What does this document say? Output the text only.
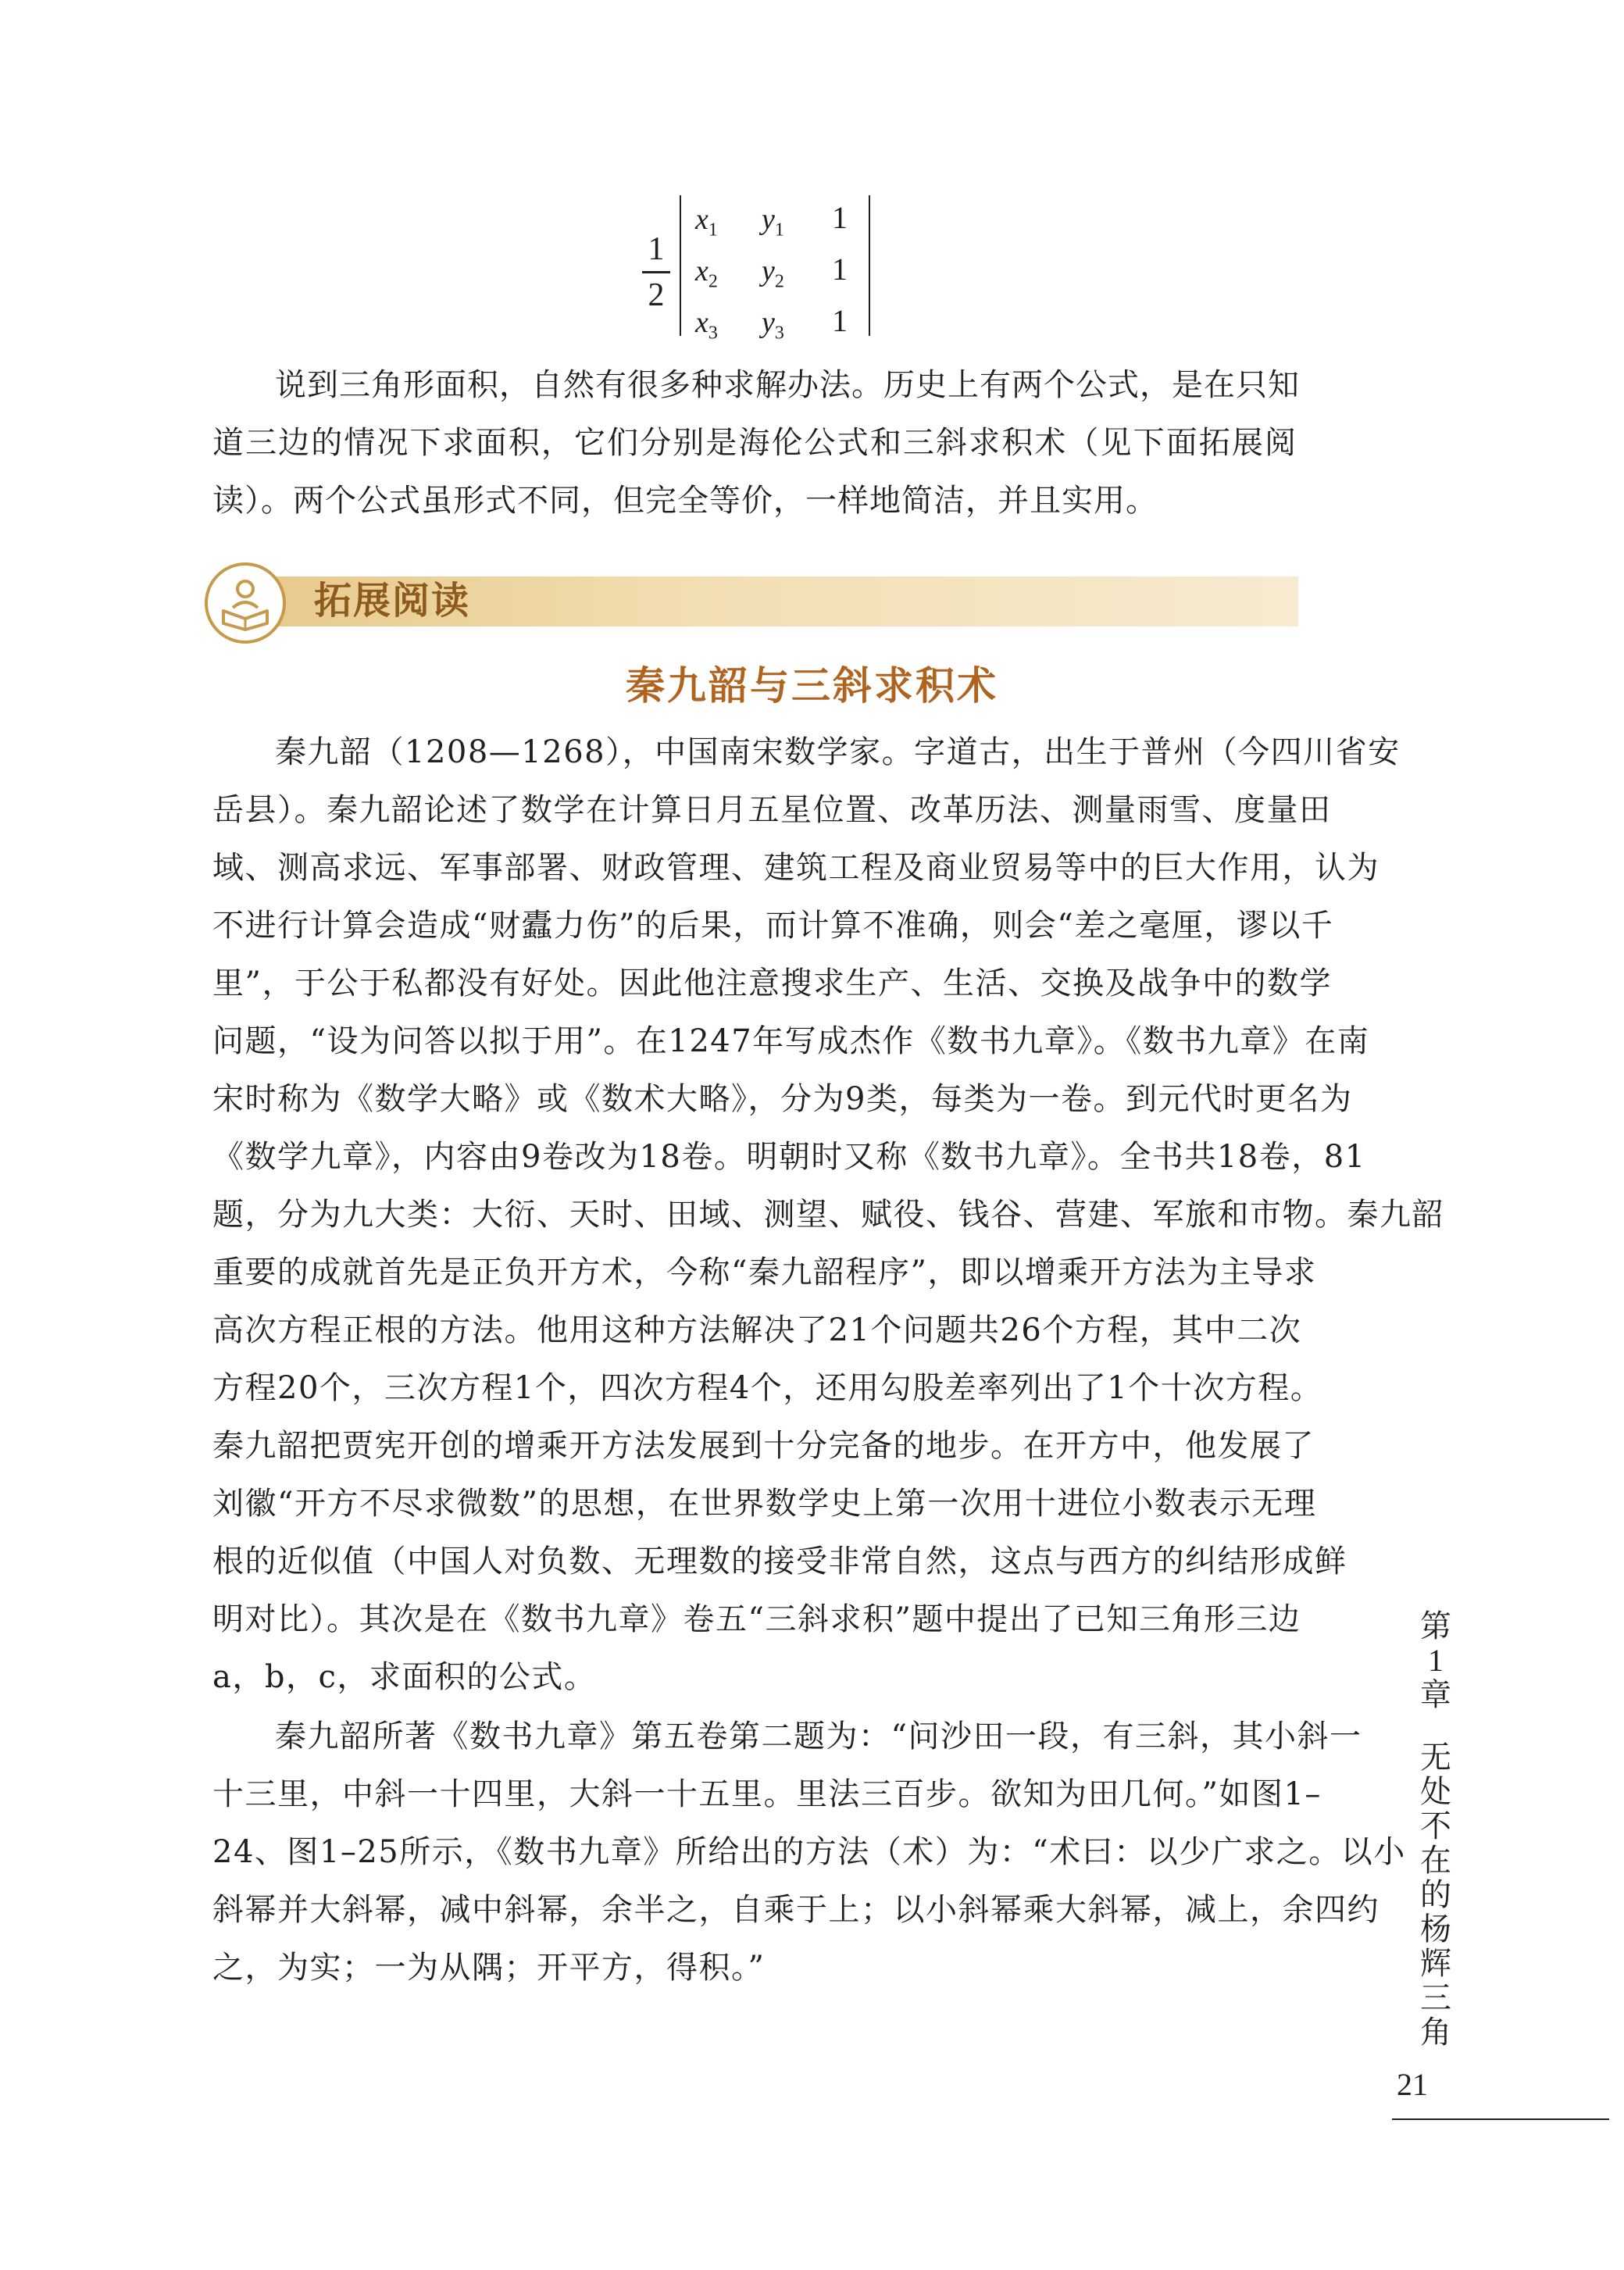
1
2
$x_1$ $y_1$ 1
$x_2$ $y_2$ 1
$x_3$ $y_3$ 1
说到三角形面积，自然有很多种求解办法。历史上有两个公式，是在只知
道三边的情况下求面积，它们分别是海伦公式和三斜求积术（见下面拓展阅
读）。两个公式虽形式不同，但完全等价，一样地简洁，并且实用。
拓展阅读
秦九韶与三斜求积术
秦九韶（1208—1268），中国南宋数学家。字道古，出生于普州（今四川省安
岳县）。秦九韶论述了数学在计算日月五星位置、改革历法、测量雨雪、度量田
域、测高求远、军事部署、财政管理、建筑工程及商业贸易等中的巨大作用，认为
不进行计算会造成“财蠹力伤”的后果，而计算不准确，则会“差之毫厘，谬以千
里”，于公于私都没有好处。因此他注意搜求生产、生活、交换及战争中的数学
问题，“设为问答以拟于用”。在1247年写成杰作《数书九章》。《数书九章》在南
宋时称为《数学大略》或《数术大略》，分为9类，每类为一卷。到元代时更名为
《数学九章》，内容由9卷改为18卷。明朝时又称《数书九章》。全书共18卷，81
题，分为九大类：大衍、天时、田域、测望、赋役、钱谷、营建、军旅和市物。秦九韶
重要的成就首先是正负开方术，今称“秦九韶程序”，即以增乘开方法为主导求
高次方程正根的方法。他用这种方法解决了21个问题共26个方程，其中二次
方程20个，三次方程1个，四次方程4个，还用勾股差率列出了1个十次方程。
秦九韶把贾宪开创的增乘开方法发展到十分完备的地步。在开方中，他发展了
刘徽“开方不尽求微数”的思想，在世界数学史上第一次用十进位小数表示无理
根的近似值（中国人对负数、无理数的接受非常自然，这点与西方的纠结形成鲜
明对比）。其次是在《数书九章》卷五“三斜求积”题中提出了已知三角形三边
a，b，c，求面积的公式。
秦九韶所著《数书九章》第五卷第二题为：“问沙田一段，有三斜，其小斜一
十三里，中斜一十四里，大斜一十五里。里法三百步。欲知为田几何。”如图1–
24、图1–25所示，《数书九章》所给出的方法（术）为：“术曰：以少广求之。以小
斜幂并大斜幂，减中斜幂，余半之，自乘于上；以小斜幂乘大斜幂，减上，余四约
之，为实；一为从隅；开平方，得积。”
第
1
章
无
处
不
在
的
杨
辉
三
角
21
